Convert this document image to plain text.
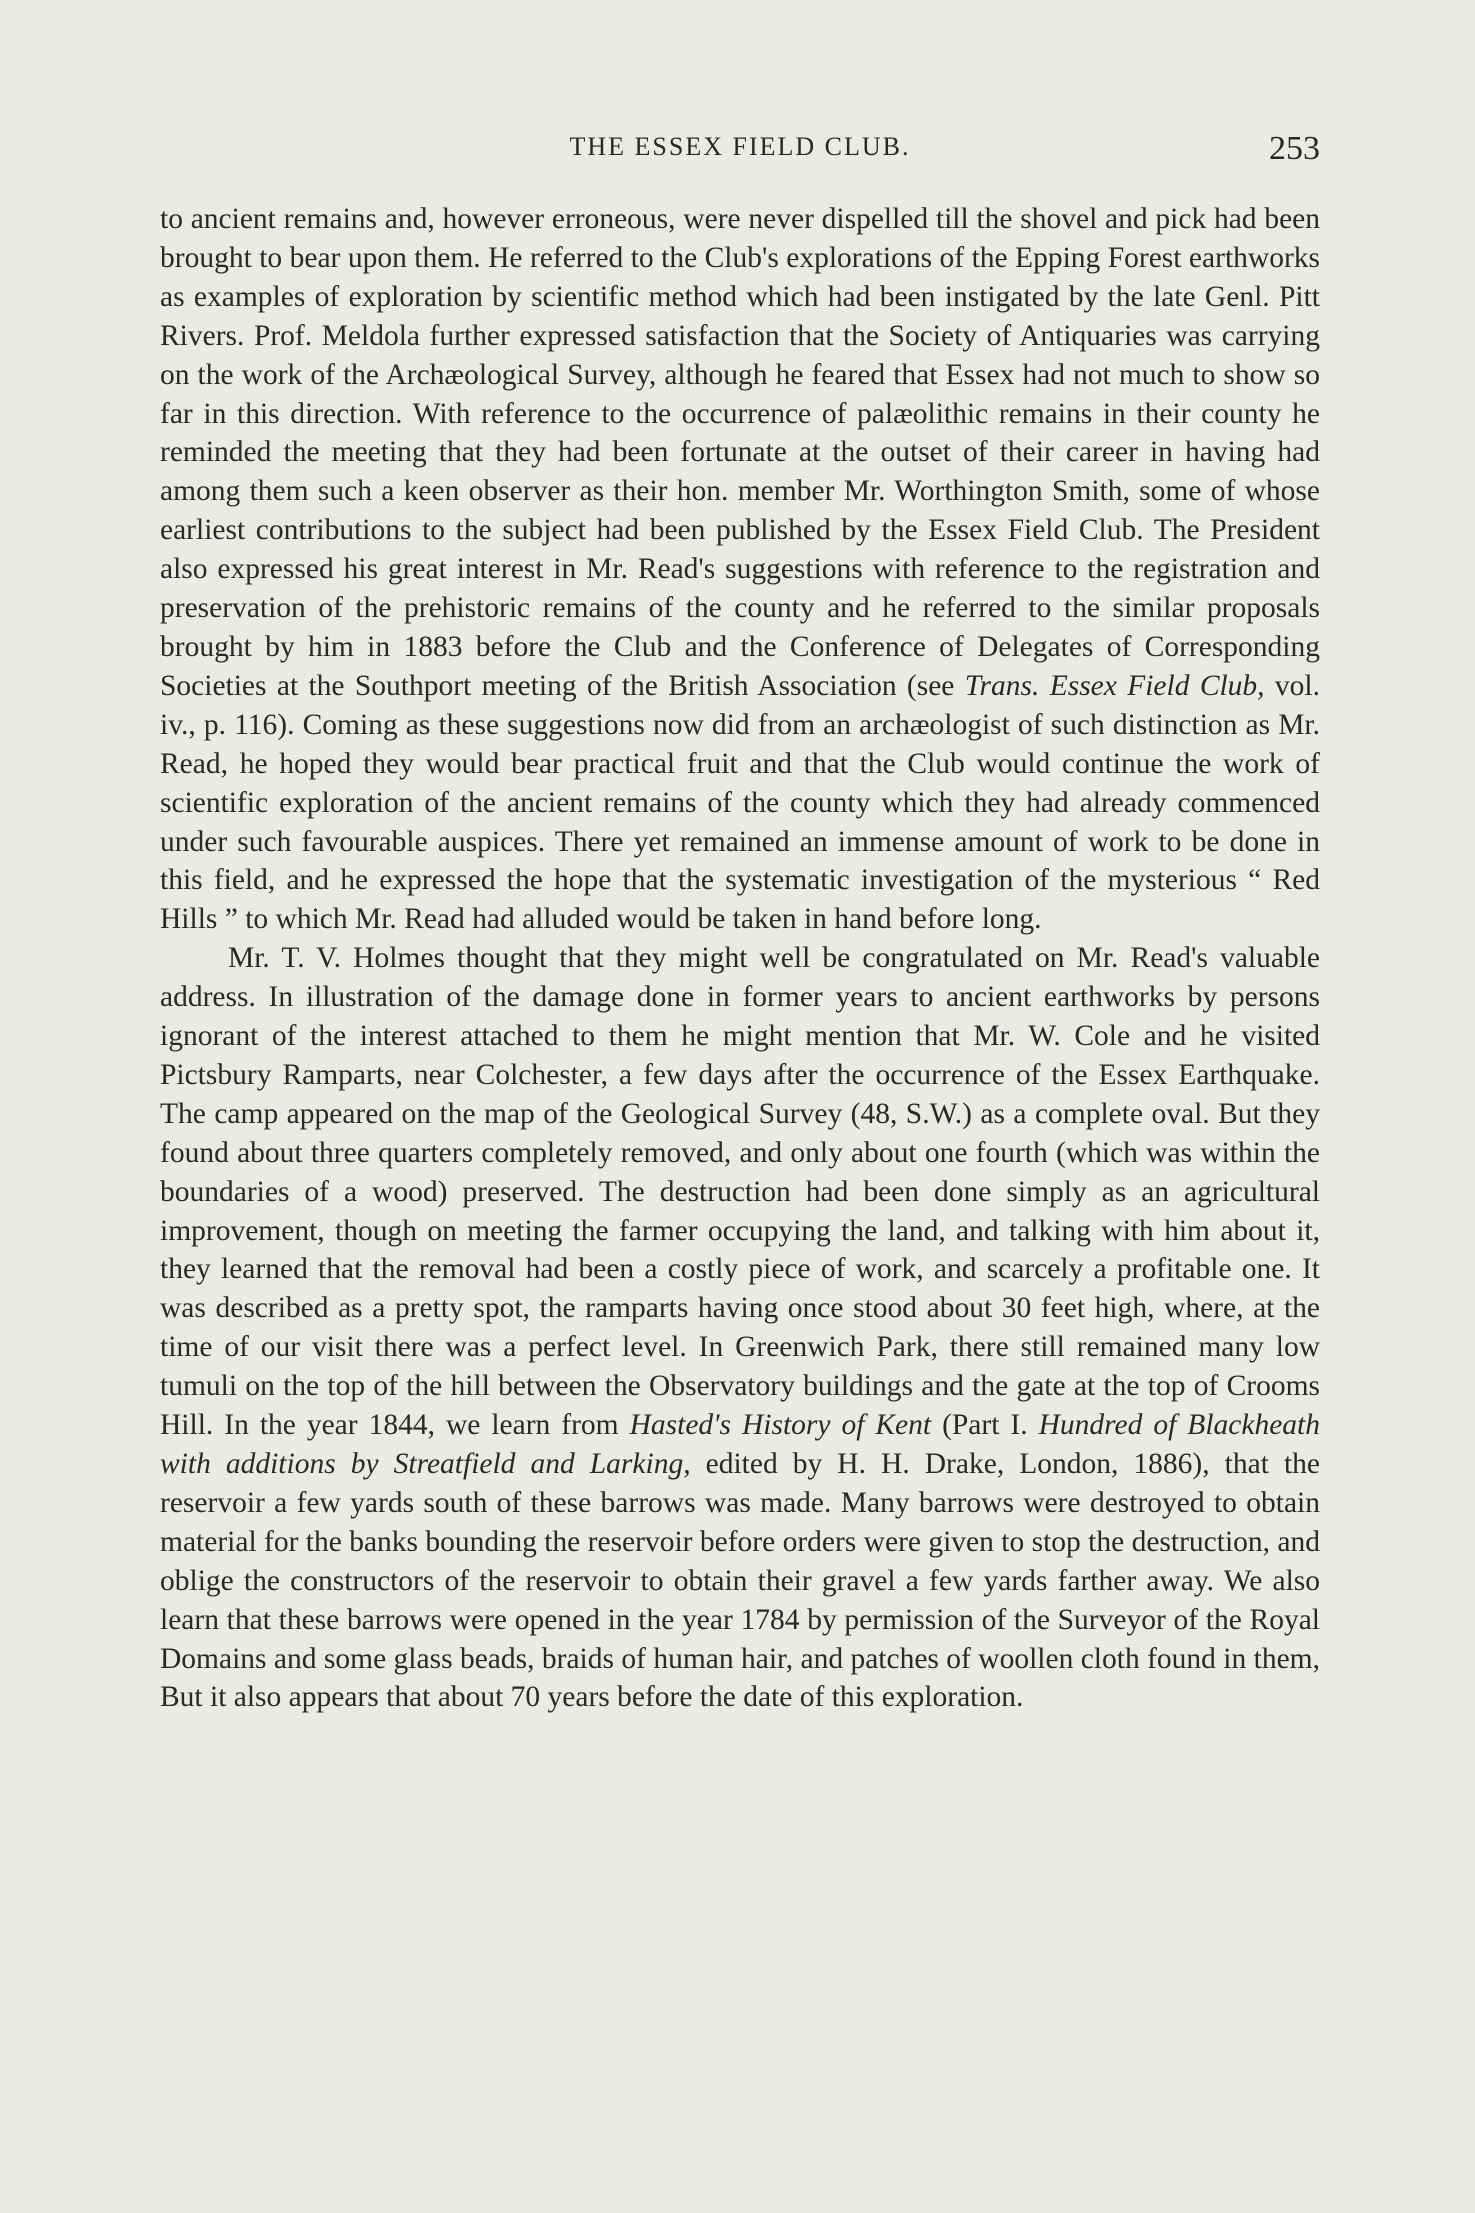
THE ESSEX FIELD CLUB.	253

to ancient remains and, however erroneous, were never dispelled till the shovel and pick had been brought to bear upon them. He referred to the Club's explorations of the Epping Forest earthworks as examples of exploration by scientific method which had been instigated by the late Genl. Pitt Rivers. Prof. Meldola further expressed satisfaction that the Society of Antiquaries was carrying on the work of the Archæological Survey, although he feared that Essex had not much to show so far in this direction. With reference to the occurrence of palæolithic remains in their county he reminded the meeting that they had been fortunate at the outset of their career in having had among them such a keen observer as their hon. member Mr. Worthington Smith, some of whose earliest contributions to the subject had been published by the Essex Field Club. The President also expressed his great interest in Mr. Read's suggestions with reference to the registration and preservation of the prehistoric remains of the county and he referred to the similar proposals brought by him in 1883 before the Club and the Conference of Delegates of Corresponding Societies at the Southport meeting of the British Association (see Trans. Essex Field Club, vol. iv., p. 116). Coming as these suggestions now did from an archæologist of such distinction as Mr. Read, he hoped they would bear practical fruit and that the Club would continue the work of scientific exploration of the ancient remains of the county which they had already commenced under such favourable auspices. There yet remained an immense amount of work to be done in this field, and he expressed the hope that the systematic investigation of the mysterious “ Red Hills ” to which Mr. Read had alluded would be taken in hand before long.

Mr. T. V. Holmes thought that they might well be congratulated on Mr. Read's valuable address. In illustration of the damage done in former years to ancient earthworks by persons ignorant of the interest attached to them he might mention that Mr. W. Cole and he visited Pictsbury Ramparts, near Colchester, a few days after the occurrence of the Essex Earthquake. The camp appeared on the map of the Geological Survey (48, S.W.) as a complete oval. But they found about three quarters completely removed, and only about one fourth (which was within the boundaries of a wood) preserved. The destruction had been done simply as an agricultural improvement, though on meeting the farmer occupying the land, and talking with him about it, they learned that the removal had been a costly piece of work, and scarcely a profitable one. It was described as a pretty spot, the ramparts having once stood about 30 feet high, where, at the time of our visit there was a perfect level. In Greenwich Park, there still remained many low tumuli on the top of the hill between the Observatory buildings and the gate at the top of Crooms Hill. In the year 1844, we learn from Hasted's History of Kent (Part I. Hundred of Blackheath with additions by Streatfield and Larking, edited by H. H. Drake, London, 1886), that the reservoir a few yards south of these barrows was made. Many barrows were destroyed to obtain material for the banks bounding the reservoir before orders were given to stop the destruction, and oblige the constructors of the reservoir to obtain their gravel a few yards farther away. We also learn that these barrows were opened in the year 1784 by permission of the Surveyor of the Royal Domains and some glass beads, braids of human hair, and patches of woollen cloth found in them, But it also appears that about 70 years before the date of this exploration.
